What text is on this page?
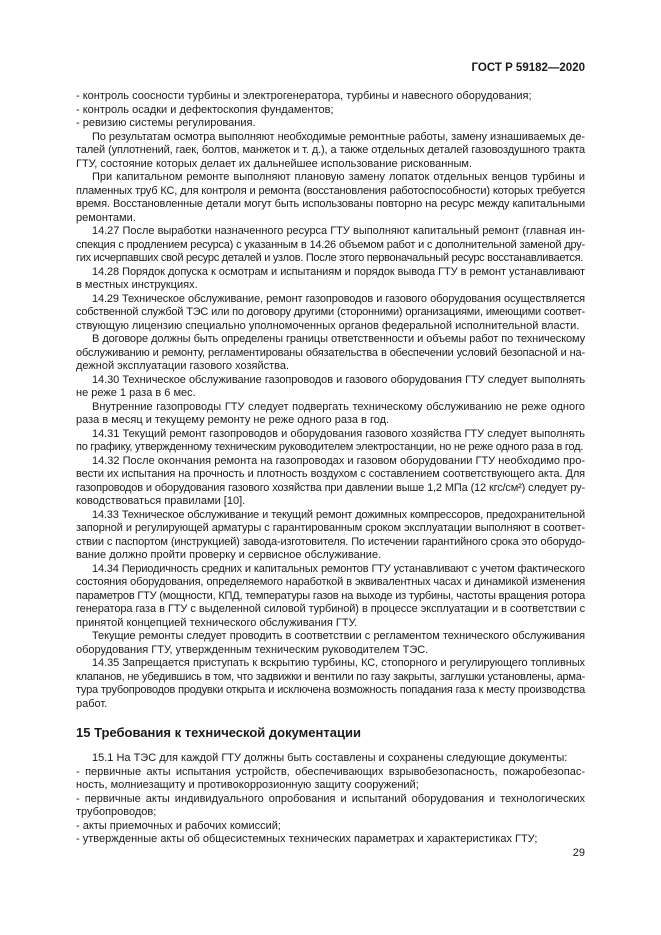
ГОСТ Р 59182—2020
- контроль соосности турбины и электрогенератора, турбины и навесного оборудования;
- контроль осадки и дефектоскопия фундаментов;
- ревизию системы регулирования.
По результатам осмотра выполняют необходимые ремонтные работы, замену изнашиваемых де-
талей (уплотнений, гаек, болтов, манжеток и т. д.), а также отдельных деталей газовоздушного тракта
ГТУ, состояние которых делает их дальнейшее использование рискованным.
При капитальном ремонте выполняют плановую замену лопаток отдельных венцов турбины и
пламенных труб КС, для контроля и ремонта (восстановления работоспособности) которых требуется
время. Восстановленные детали могут быть использованы повторно на ресурс между капитальными
ремонтами.
14.27 После выработки назначенного ресурса ГТУ выполняют капитальный ремонт (главная ин-
спекция с продлением ресурса) с указанным в 14.26 объемом работ и с дополнительной заменой дру-
гих исчерпавших свой ресурс деталей и узлов. После этого первоначальный ресурс восстанавливается.
14.28 Порядок допуска к осмотрам и испытаниям и порядок вывода ГТУ в ремонт устанавливают
в местных инструкциях.
14.29 Техническое обслуживание, ремонт газопроводов и газового оборудования осуществляется
собственной службой ТЭС или по договору другими (сторонними) организациями, имеющими соответ-
ствующую лицензию специально уполномоченных органов федеральной исполнительной власти.
В договоре должны быть определены границы ответственности и объемы работ по техническому
обслуживанию и ремонту, регламентированы обязательства в обеспечении условий безопасной и на-
дежной эксплуатации газового хозяйства.
14.30 Техническое обслуживание газопроводов и газового оборудования ГТУ следует выполнять
не реже 1 раза в 6 мес.
Внутренние газопроводы ГТУ следует подвергать техническому обслуживанию не реже одного
раза в месяц и текущему ремонту не реже одного раза в год.
14.31 Текущий ремонт газопроводов и оборудования газового хозяйства ГТУ следует выполнять
по графику, утвержденному техническим руководителем электростанции, но не реже одного раза в год.
14.32 После окончания ремонта на газопроводах и газовом оборудовании ГТУ необходимо про-
вести их испытания на прочность и плотность воздухом с составлением соответствующего акта. Для
газопроводов и оборудования газового хозяйства при давлении выше 1,2 МПа (12 кгс/см²) следует ру-
ководствоваться правилами [10].
14.33 Техническое обслуживание и текущий ремонт дожимных компрессоров, предохранительной
запорной и регулирующей арматуры с гарантированным сроком эксплуатации выполняют в соответ-
ствии с паспортом (инструкцией) завода-изготовителя. По истечении гарантийного срока это оборудо-
вание должно пройти проверку и сервисное обслуживание.
14.34 Периодичность средних и капитальных ремонтов ГТУ устанавливают с учетом фактического
состояния оборудования, определяемого наработкой в эквивалентных часах и динамикой изменения
параметров ГТУ (мощности, КПД, температуры газов на выходе из турбины, частоты вращения ротора
генератора газа в ГТУ с выделенной силовой турбиной) в процессе эксплуатации и в соответствии с
принятой концепцией технического обслуживания ГТУ.
Текущие ремонты следует проводить в соответствии с регламентом технического обслуживания
оборудования ГТУ, утвержденным техническим руководителем ТЭС.
14.35 Запрещается приступать к вскрытию турбины, КС, стопорного и регулирующего топливных
клапанов, не убедившись в том, что задвижки и вентили по газу закрыты, заглушки установлены, арма-
тура трубопроводов продувки открыта и исключена возможность попадания газа к месту производства
работ.
15 Требования к технической документации
15.1 На ТЭС для каждой ГТУ должны быть составлены и сохранены следующие документы:
- первичные акты испытания устройств, обеспечивающих взрывобезопасность, пожаробезопас-
ность, молниезащиту и противокоррозионную защиту сооружений;
- первичные акты индивидуального опробования и испытаний оборудования и технологических
трубопроводов;
- акты приемочных и рабочих комиссий;
- утвержденные акты об общесистемных технических параметрах и характеристиках ГТУ;
29
